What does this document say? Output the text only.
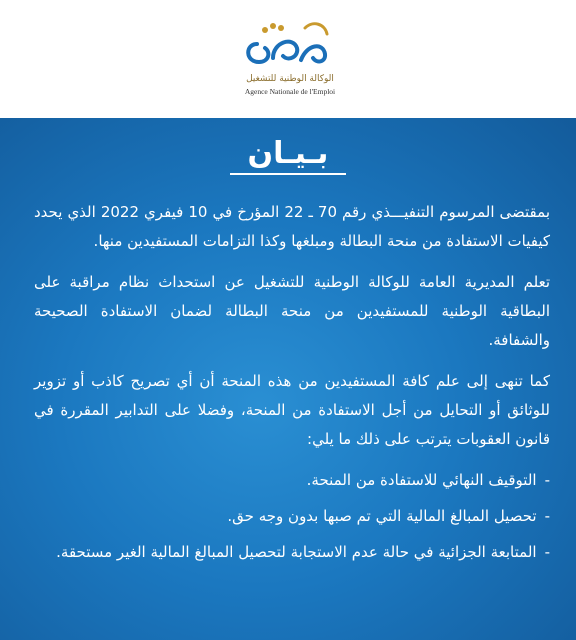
الوكالة الوطنية للتشغيل
Agence Nationale de l'Emploi
بـيـان

بمقتضى المرسوم التنفيـــذي رقم 70 ـ 22 المؤرخ في 10 فيفري 2022 الذي يحدد كيفيات الاستفادة من منحة البطالة ومبلغها وكذا التزامات المستفيدين منها.

تعلم المديرية العامة للوكالة الوطنية للتشغيل عن استحداث نظام مراقبة على البطاقية الوطنية للمستفيدين من منحة البطالة لضمان الاستفادة الصحيحة والشفافة.

كما تنهى إلى علم كافة المستفيدين من هذه المنحة أن أي تصريح كاذب أو تزوير للوثائق أو التحايل من أجل الاستفادة من المنحة، وفضلا على التدابير المقررة في قانون العقوبات يترتب على ذلك ما يلي:

-التوقيف النهائي للاستفادة من المنحة.
-تحصيل المبالغ المالية التي تم صبها بدون وجه حق.
-المتابعة الجزائية في حالة عدم الاستجابة لتحصيل المبالغ المالية الغير مستحقة.
